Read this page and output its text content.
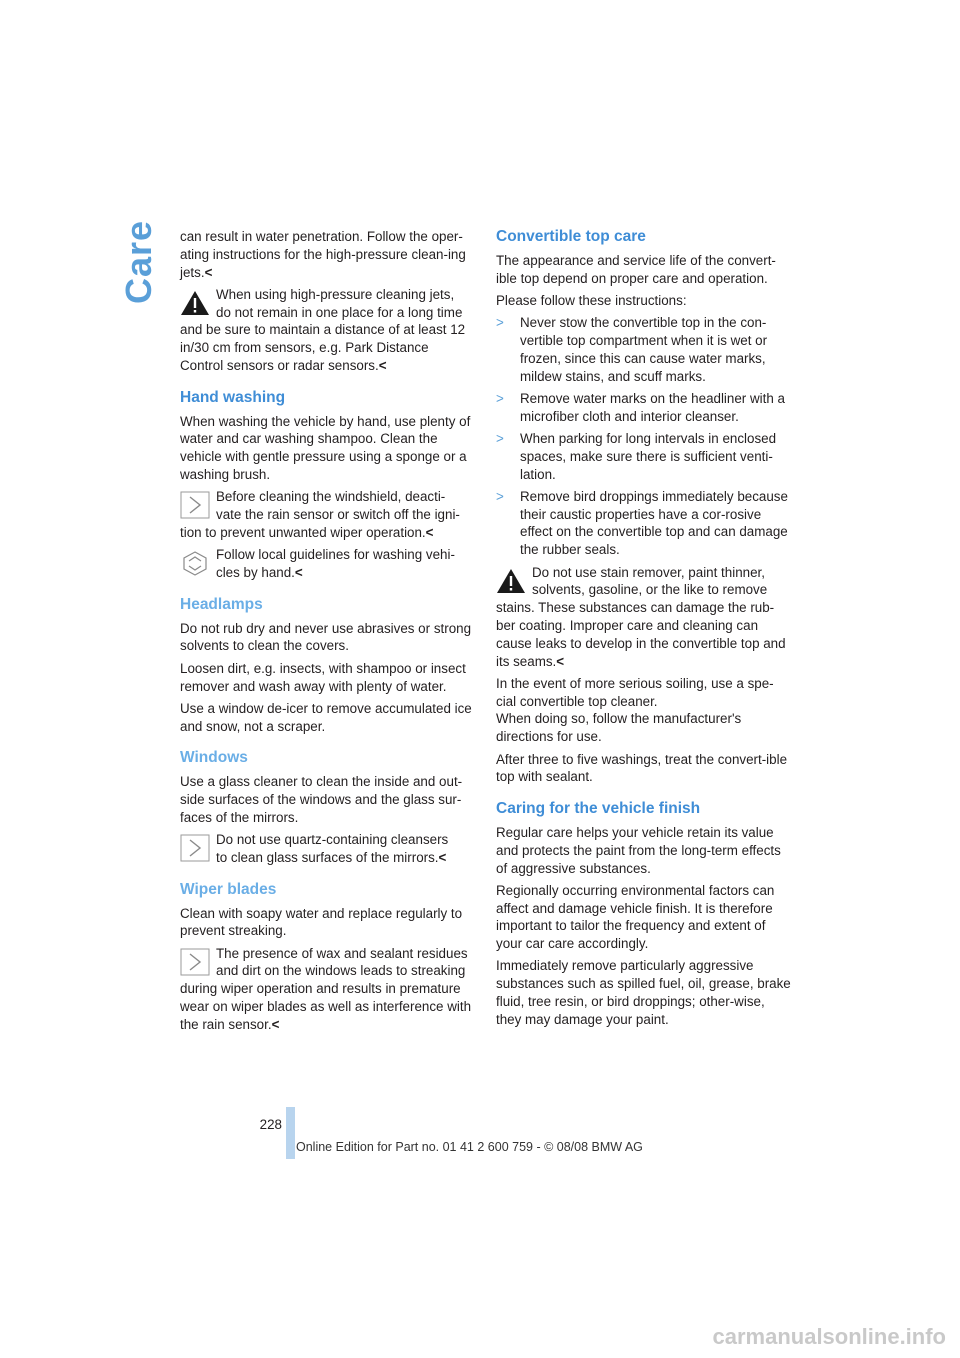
Care can result in water penetration. Follow the oper-ating instructions for the high-pressure clean-ing jets.<

When using high-pressure cleaning jets,
do not remain in one place for a long time
and be sure to maintain a distance of at least 12 in/30 cm from sensors, e.g. Park Distance Control sensors or radar sensors.<
Hand washing

When washing the vehicle by hand, use plenty of water and car washing shampoo. Clean the vehicle with gentle pressure using a sponge or a washing brush.

Before cleaning the windshield, deacti-
vate the rain sensor or switch off the igni-
tion to prevent unwanted wiper operation.<
Follow local guidelines for washing vehi-
cles by hand.<
Headlamps

Do not rub dry and never use abrasives or strong solvents to clean the covers.

Loosen dirt, e.g. insects, with shampoo or insect remover and wash away with plenty of water.

Use a window de-icer to remove accumulated ice and snow, not a scraper.

Windows

Use a glass cleaner to clean the inside and out-side surfaces of the windows and the glass sur-faces of the mirrors.

Do not use quartz-containing cleansers
to clean glass surfaces of the mirrors.<
Wiper blades

Clean with soapy water and replace regularly to prevent streaking.

The presence of wax and sealant residues
and dirt on the windows leads to streaking
during wiper operation and results in premature wear on wiper blades as well as interference with the rain sensor.<
Convertible top care

The appearance and service life of the convert-ible top depend on proper care and operation.

Please follow these instructions:

>	Never stow the convertible top in the con-vertible top compartment when it is wet or frozen, since this can cause water marks, mildew stains, and scuff marks.
>	Remove water marks on the headliner with a microfiber cloth and interior cleanser.
>	When parking for long intervals in enclosed spaces, make sure there is sufficient venti-lation.
>	Remove bird droppings immediately because their caustic properties have a cor-rosive effect on the convertible top and can damage the rubber seals.
Do not use stain remover, paint thinner,
solvents, gasoline, or the like to remove
stains. These substances can damage the rub-ber coating. Improper care and cleaning can cause leaks to develop in the convertible top and its seams.<

In the event of more serious soiling, use a spe-cial convertible top cleaner.
When doing so, follow the manufacturer's directions for use.

After three to five washings, treat the convert-ible top with sealant.

Caring for the vehicle finish

Regular care helps your vehicle retain its value and protects the paint from the long-term effects of aggressive substances.

Regionally occurring environmental factors can affect and damage vehicle finish. It is therefore important to tailor the frequency and extent of your car care accordingly.

Immediately remove particularly aggressive substances such as spilled fuel, oil, grease, brake fluid, tree resin, or bird droppings; other-wise, they may damage your paint.

228
Online Edition for Part no. 01 41 2 600 759 - © 08/08 BMW AG
carmanualsonline.info
